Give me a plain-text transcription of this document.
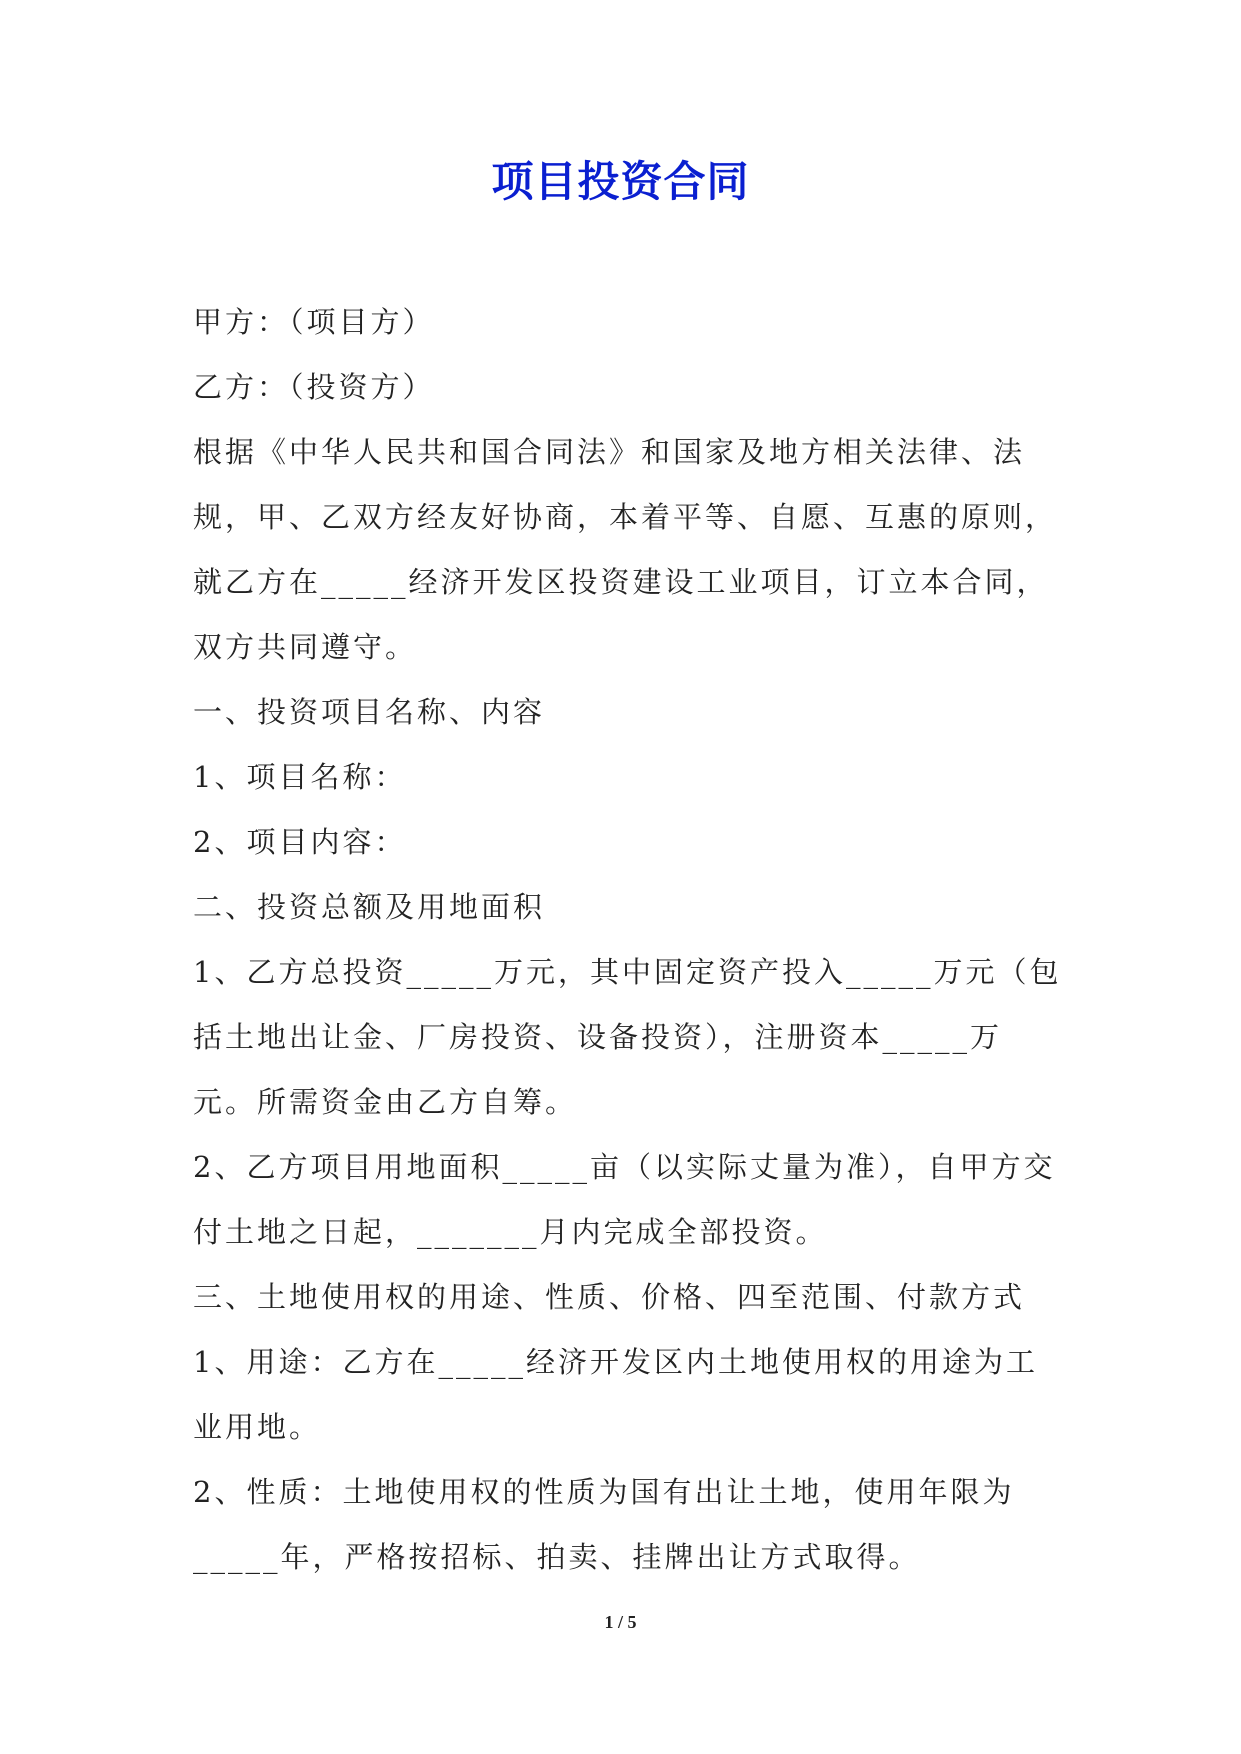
项目投资合同

甲方：（项目方）

乙方：（投资方）

根据《中华人民共和国合同法》和国家及地方相关法律、法规，甲、乙双方经友好协商，本着平等、自愿、互惠的原则，就乙方在_____经济开发区投资建设工业项目，订立本合同，双方共同遵守。

一、投资项目名称、内容

1、项目名称：

2、项目内容：

二、投资总额及用地面积

1、乙方总投资_____万元，其中固定资产投入_____万元（包括土地出让金、厂房投资、设备投资），注册资本_____万元。所需资金由乙方自筹。

2、乙方项目用地面积_____亩（以实际丈量为准），自甲方交付土地之日起，_______月内完成全部投资。

三、土地使用权的用途、性质、价格、四至范围、付款方式

1、用途：乙方在_____经济开发区内土地使用权的用途为工业用地。

2、性质：土地使用权的性质为国有出让土地，使用年限为_____年，严格按招标、拍卖、挂牌出让方式取得。

1 / 5
